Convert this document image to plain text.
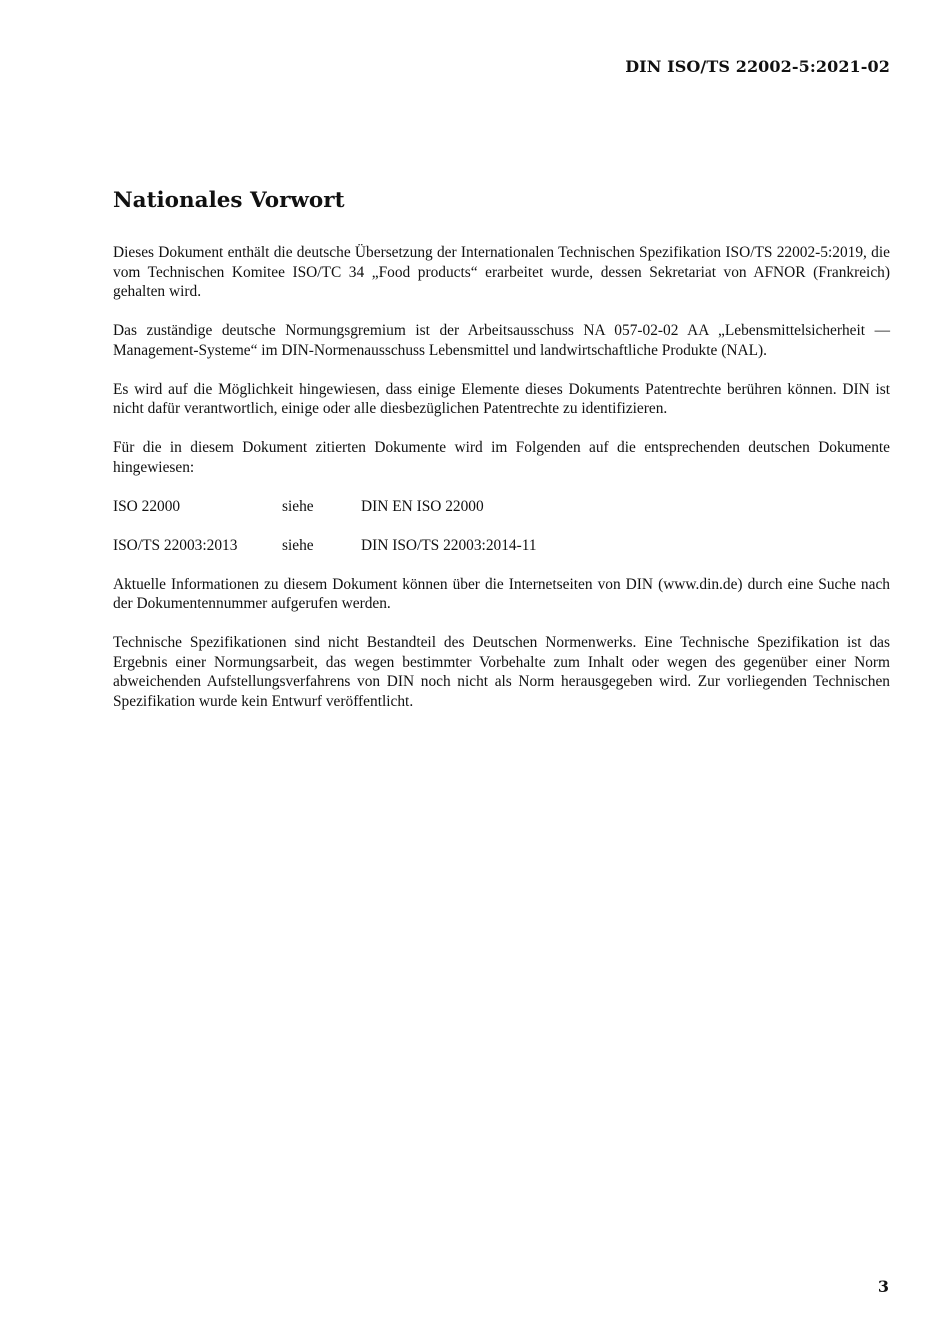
DIN ISO/TS 22002-5:2021-02

Nationales Vorwort

Dieses Dokument enthält die deutsche Übersetzung der Internationalen Technischen Spezifikation ISO/TS 22002-5:2019, die vom Technischen Komitee ISO/TC 34 „Food products“ erarbeitet wurde, dessen Sekretariat von AFNOR (Frankreich) gehalten wird.

Das zuständige deutsche Normungsgremium ist der Arbeitsausschuss NA 057-02-02 AA „Lebensmittelsicherheit — Management-Systeme“ im DIN-Normenausschuss Lebensmittel und landwirtschaftliche Produkte (NAL).

Es wird auf die Möglichkeit hingewiesen, dass einige Elemente dieses Dokuments Patentrechte berühren können. DIN ist nicht dafür verantwortlich, einige oder alle diesbezüglichen Patentrechte zu identifizieren.

Für die in diesem Dokument zitierten Dokumente wird im Folgenden auf die entsprechenden deutschen Dokumente hingewiesen:

ISO 22000	siehe	DIN EN ISO 22000
ISO/TS 22003:2013	siehe	DIN ISO/TS 22003:2014-11

Aktuelle Informationen zu diesem Dokument können über die Internetseiten von DIN (www.din.de) durch eine Suche nach der Dokumentennummer aufgerufen werden.

Technische Spezifikationen sind nicht Bestandteil des Deutschen Normenwerks. Eine Technische Spezifikation ist das Ergebnis einer Normungsarbeit, das wegen bestimmter Vorbehalte zum Inhalt oder wegen des gegenüber einer Norm abweichenden Aufstellungsverfahrens von DIN noch nicht als Norm herausgegeben wird. Zur vorliegenden Technischen Spezifikation wurde kein Entwurf veröffentlicht.

3
